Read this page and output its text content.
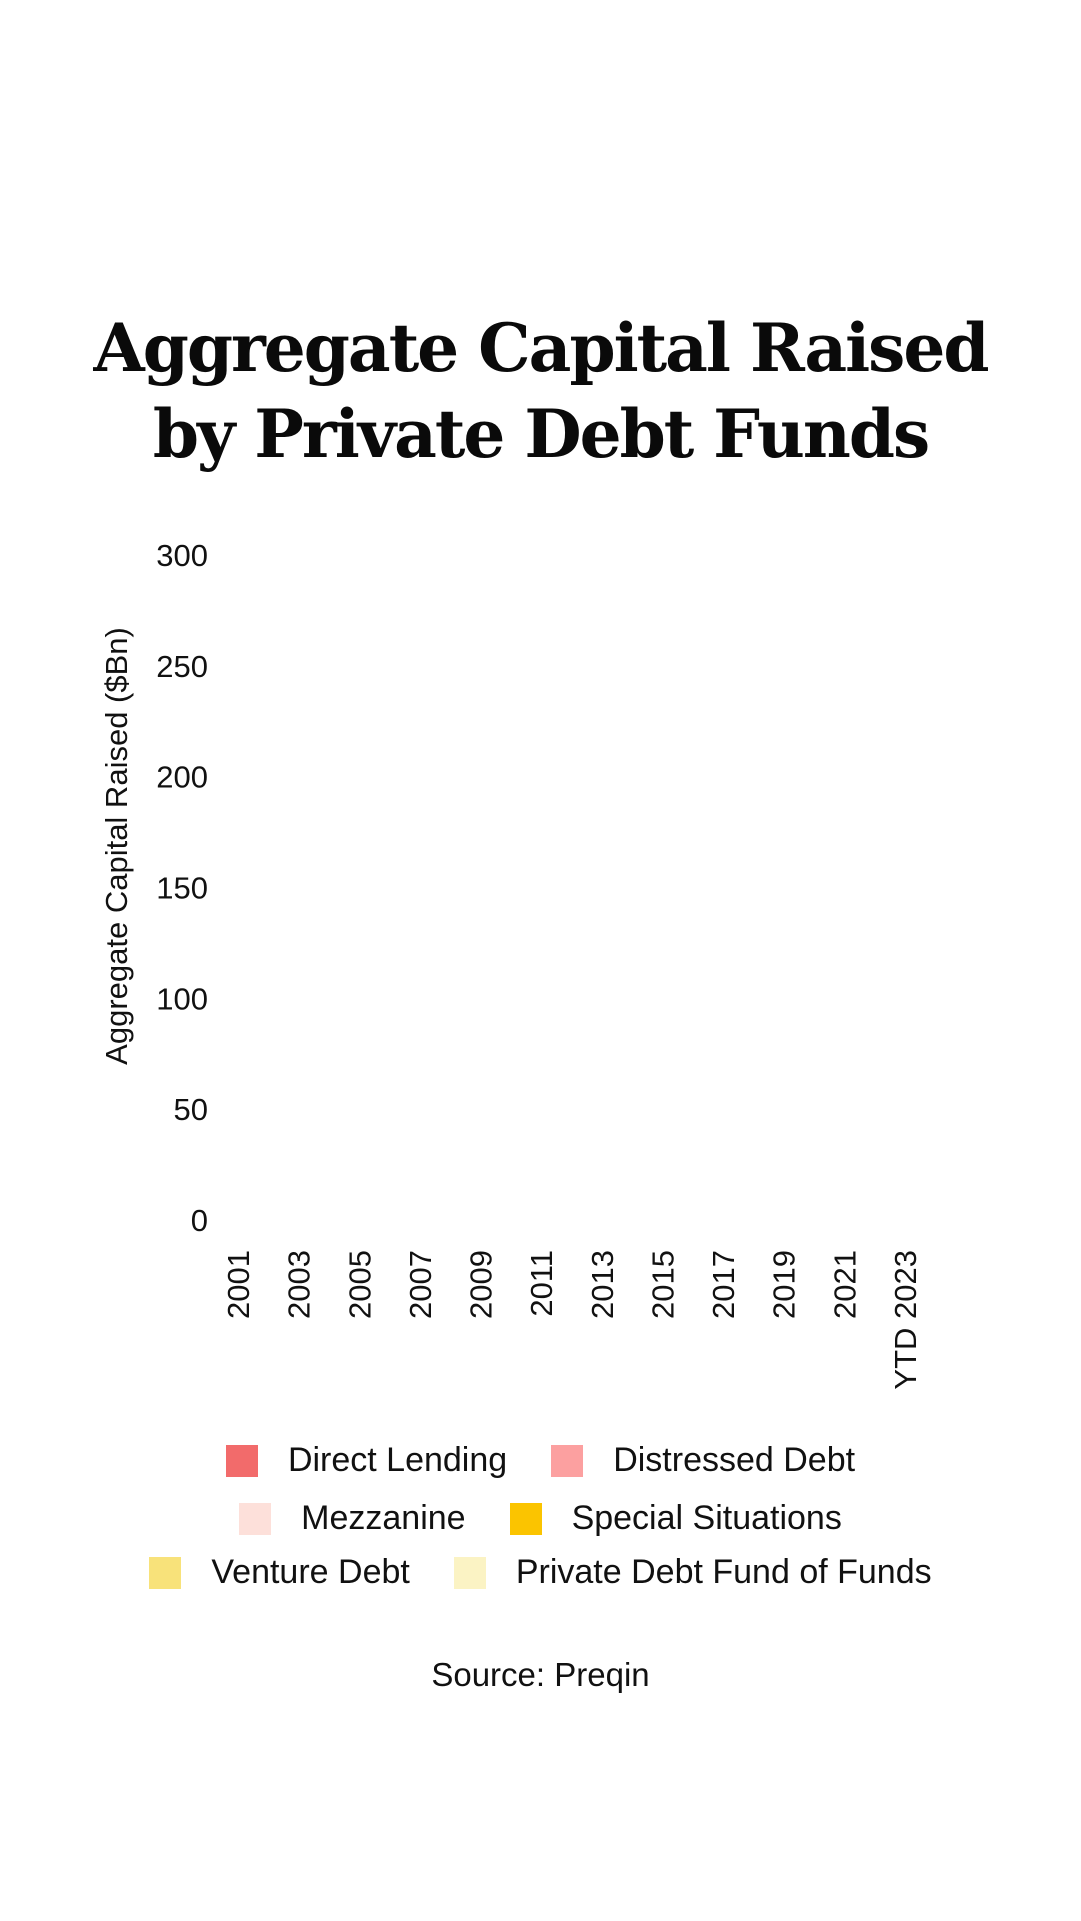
Aggregate Capital Raised
by Private Debt Funds
0
50
100
150
200
250
300
2001 2003 2005 2007 2009 2011 2013 2015 2017 2019 2021 YTD 2023
Aggregate Capital Raised ($Bn)
Direct Lending	Distressed Debt
Mezzanine	Special Situations
Venture Debt	Private Debt Fund of Funds
Source: Preqin
